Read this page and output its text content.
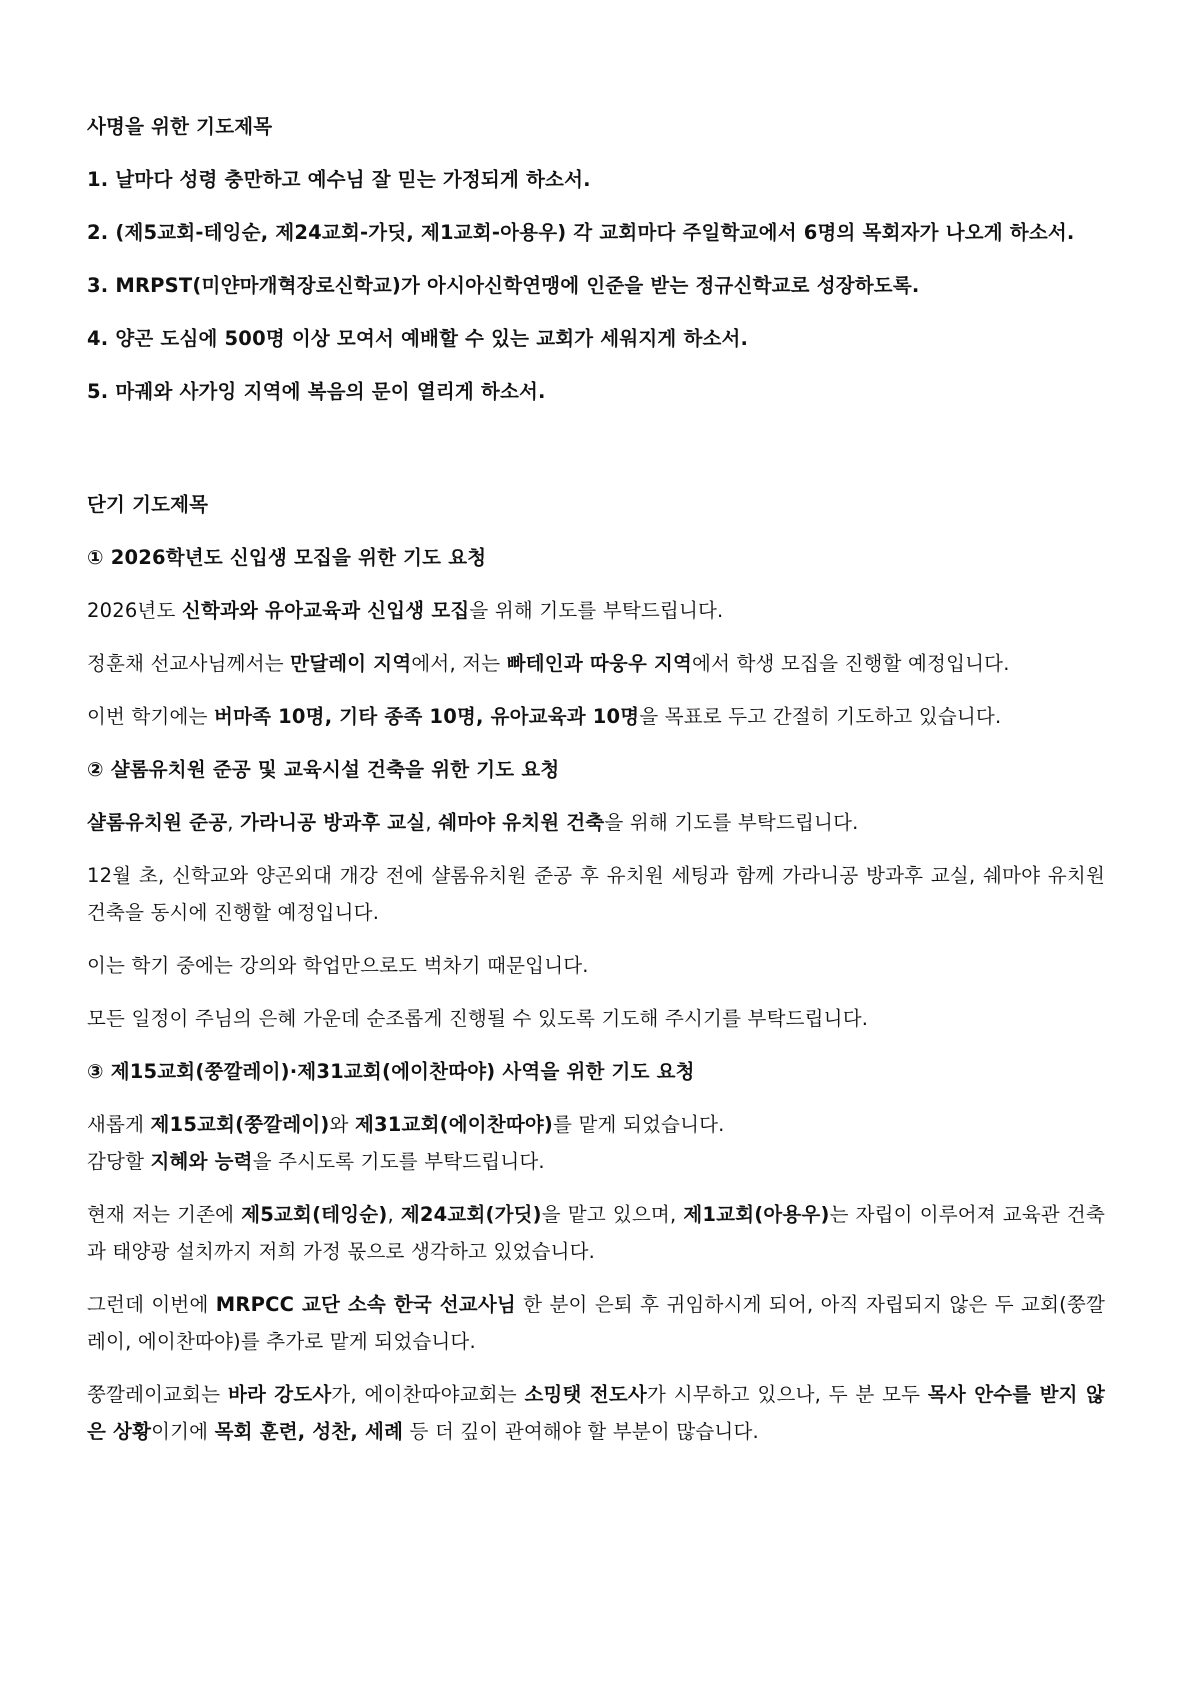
사명을 위한 기도제목
1. 날마다 성령 충만하고 예수님 잘 믿는 가정되게 하소서.
2. (제5교회-테잉순, 제24교회-가딧, 제1교회-아용우) 각 교회마다 주일학교에서 6명의 목회자가 나오게 하소서.
3. MRPST(미얀마개혁장로신학교)가 아시아신학연맹에 인준을 받는 정규신학교로 성장하도록.
4. 양곤 도심에 500명 이상 모여서 예배할 수 있는 교회가 세워지게 하소서.
5. 마궤와 사가잉 지역에 복음의 문이 열리게 하소서.
단기 기도제목
① 2026학년도 신입생 모집을 위한 기도 요청
2026년도 신학과와 유아교육과 신입생 모집을 위해 기도를 부탁드립니다.
정훈채 선교사님께서는 만달레이 지역에서, 저는 빠테인과 따웅우 지역에서 학생 모집을 진행할 예정입니다.
이번 학기에는 버마족 10명, 기타 종족 10명, 유아교육과 10명을 목표로 두고 간절히 기도하고 있습니다.
② 샬롬유치원 준공 및 교육시설 건축을 위한 기도 요청
샬롬유치원 준공, 가라니공 방과후 교실, 쉐마야 유치원 건축을 위해 기도를 부탁드립니다.
12월 초, 신학교와 양곤외대 개강 전에 샬롬유치원 준공 후 유치원 세팅과 함께 가라니공 방과후 교실, 쉐마야 유치원 건축을 동시에 진행할 예정입니다.
이는 학기 중에는 강의와 학업만으로도 벅차기 때문입니다.
모든 일정이 주님의 은혜 가운데 순조롭게 진행될 수 있도록 기도해 주시기를 부탁드립니다.
③ 제15교회(쭝깔레이)·제31교회(에이찬따야) 사역을 위한 기도 요청
새롭게 제15교회(쭝깔레이)와 제31교회(에이찬따야)를 맡게 되었습니다.
감당할 지혜와 능력을 주시도록 기도를 부탁드립니다.
현재 저는 기존에 제5교회(테잉순), 제24교회(가딧)을 맡고 있으며, 제1교회(아용우)는 자립이 이루어져 교육관 건축과 태양광 설치까지 저희 가정 몫으로 생각하고 있었습니다.
그런데 이번에 MRPCC 교단 소속 한국 선교사님 한 분이 은퇴 후 귀임하시게 되어, 아직 자립되지 않은 두 교회(쭝깔레이, 에이찬따야)를 추가로 맡게 되었습니다.
쭝깔레이교회는 바라 강도사가, 에이찬따야교회는 소밍탯 전도사가 시무하고 있으나, 두 분 모두 목사 안수를 받지 않은 상황이기에 목회 훈련, 성찬, 세례 등 더 깊이 관여해야 할 부분이 많습니다.
